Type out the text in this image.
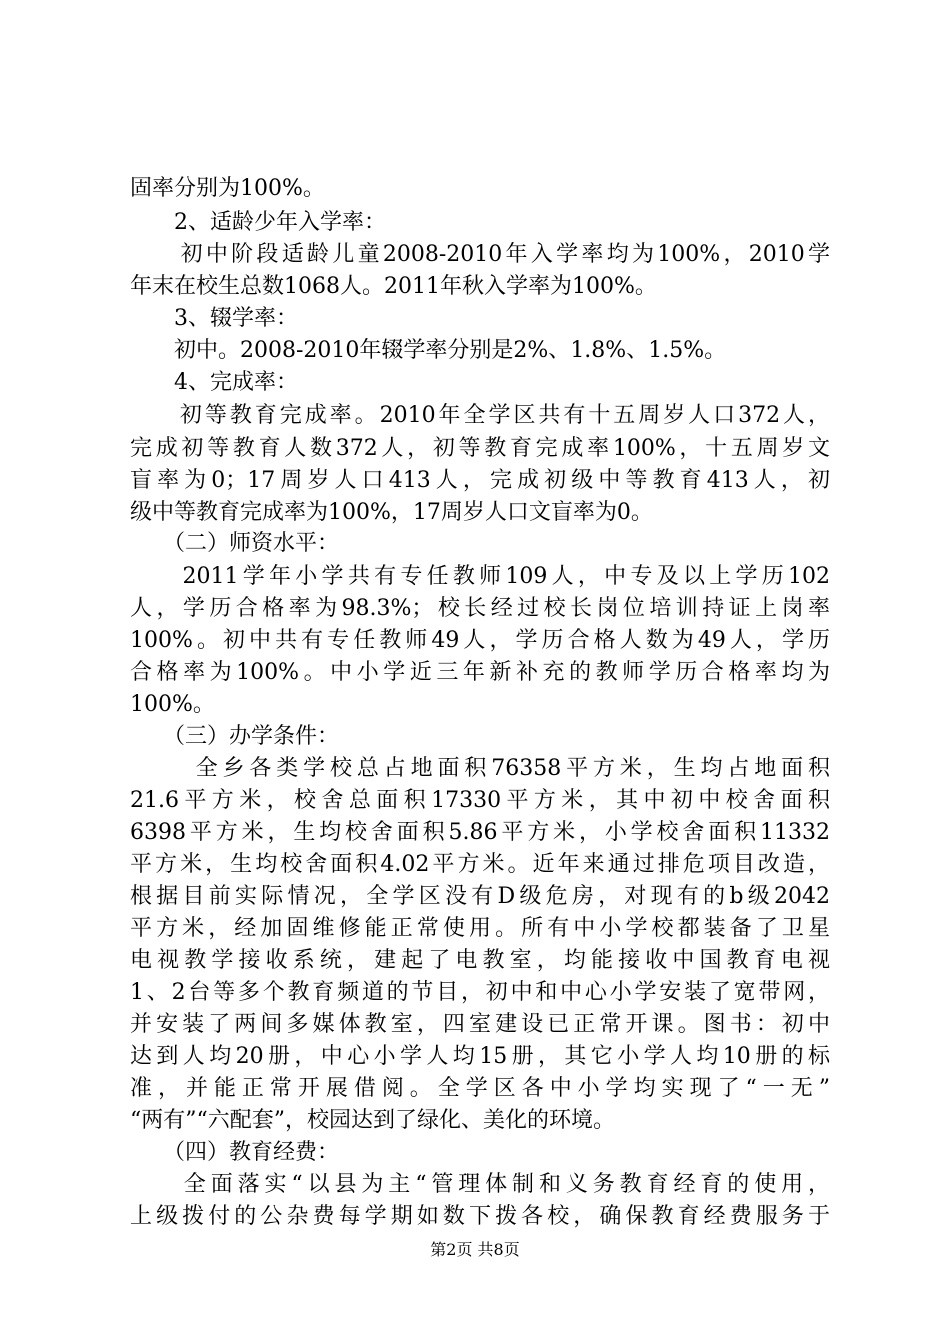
固率分别为100%。
　　2、适龄少年入学率：
　　初中阶段适龄儿童2008-2010年入学率均为100%，2010学
年末在校生总数1068人。2011年秋入学率为100%。
　　3、辍学率：
　　初中。2008-2010年辍学率分别是2%、1.8%、1.5%。
　　4、完成率：
　　初等教育完成率。2010年全学区共有十五周岁人口372人，
完成初等教育人数372人，初等教育完成率100%，十五周岁文
盲率为0；17周岁人口413人，完成初级中等教育413人，初
级中等教育完成率为100%，17周岁人口文盲率为0。
　　（二）师资水平：
　　2011学年小学共有专任教师109人，中专及以上学历102
人，学历合格率为98.3%；校长经过校长岗位培训持证上岗率
100%。初中共有专任教师49人，学历合格人数为49人，学历
合格率为100%。中小学近三年新补充的教师学历合格率均为
100%。
　　（三）办学条件：
　　 全乡各类学校总占地面积76358平方米，生均占地面积
21.6平方米，校舍总面积17330平方米，其中初中校舍面积
6398平方米，生均校舍面积5.86平方米，小学校舍面积11332
平方米，生均校舍面积4.02平方米。近年来通过排危项目改造，
根据目前实际情况，全学区没有D级危房，对现有的b级2042
平方米，经加固维修能正常使用。所有中小学校都装备了卫星
电视教学接收系统，建起了电教室，均能接收中国教育电视
1、2台等多个教育频道的节目，初中和中心小学安装了宽带网，
并安装了两间多媒体教室，四室建设已正常开课。图书：初中
达到人均20册，中心小学人均15册，其它小学人均10册的标
准，并能正常开展借阅。全学区各中小学均实现了“一无”
“两有”“六配套”，校园达到了绿化、美化的环境。
　　（四）教育经费：
　　全面落实“以县为主“管理体制和义务教育经育的使用，
上级拨付的公杂费每学期如数下拨各校，确保教育经费服务于
第2页 共8页
